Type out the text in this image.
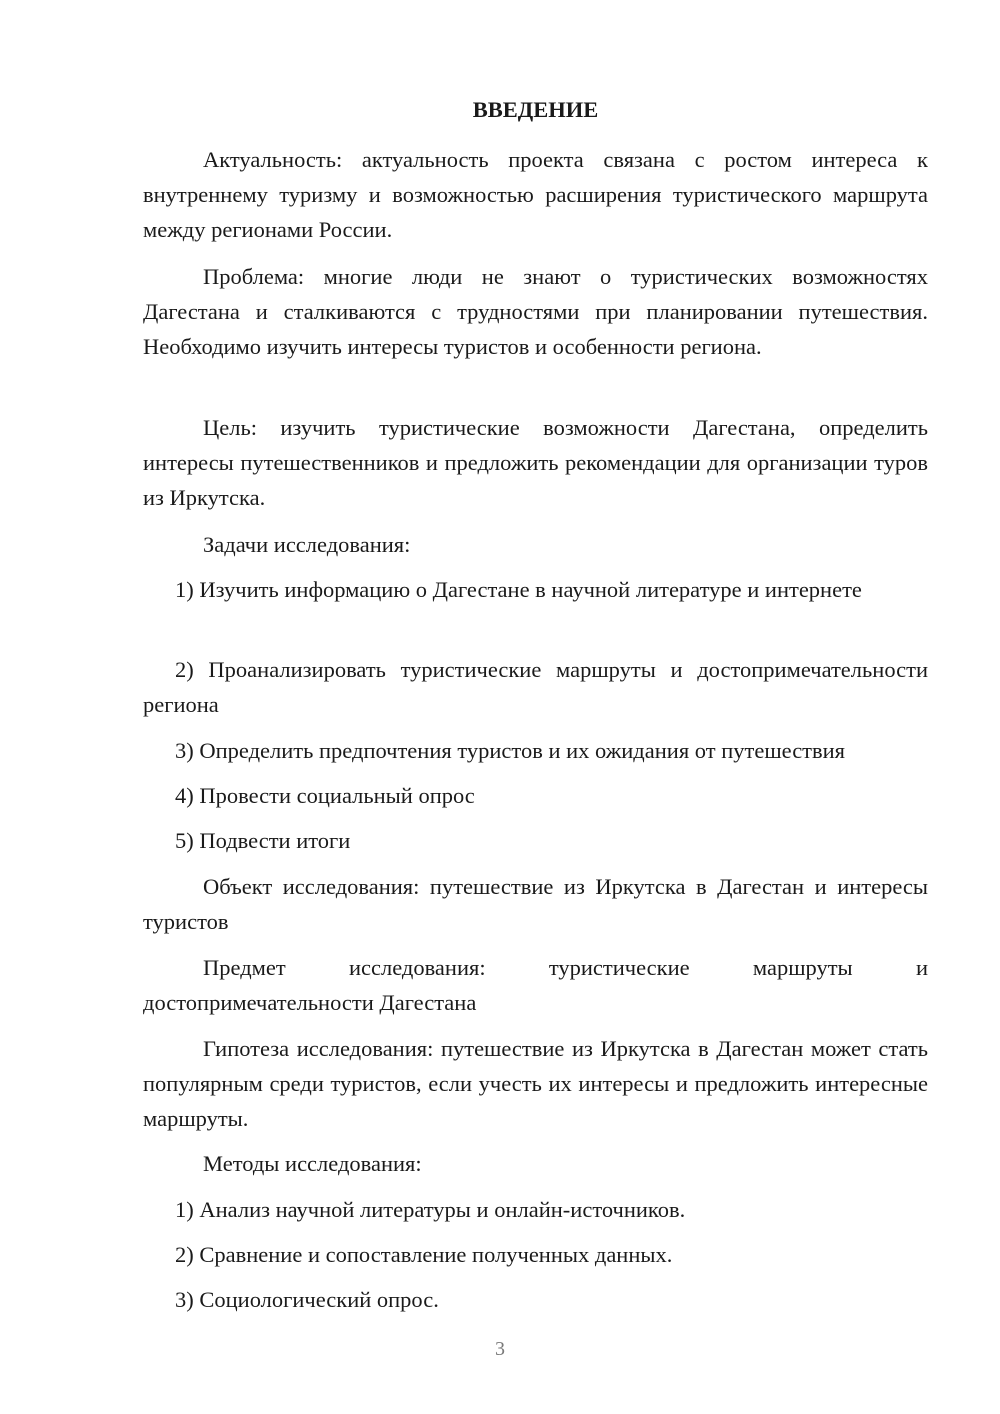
ВВЕДЕНИЕ
Актуальность: актуальность проекта связана с ростом интереса к внутреннему туризму и возможностью расширения туристического маршрута между регионами России.
Проблема: многие люди не знают о туристических возможностях Дагестана и сталкиваются с трудностями при планировании путешествия. Необходимо изучить интересы туристов и особенности региона.
Цель: изучить туристические возможности Дагестана, определить интересы путешественников и предложить рекомендации для организации туров из Иркутска.
Задачи исследования:
1) Изучить информацию о Дагестане в научной литературе и интернете
2) Проанализировать туристические маршруты и достопримечательности региона
3) Определить предпочтения туристов и их ожидания от путешествия
4) Провести социальный опрос
5) Подвести итоги
Объект исследования: путешествие из Иркутска в Дагестан и интересы туристов
Предмет исследования: туристические маршруты и достопримечательности Дагестана
Гипотеза исследования: путешествие из Иркутска в Дагестан может стать популярным среди туристов, если учесть их интересы и предложить интересные маршруты.
Методы исследования:
1) Анализ научной литературы и онлайн-источников.
2) Сравнение и сопоставление полученных данных.
3) Социологический опрос.
3
